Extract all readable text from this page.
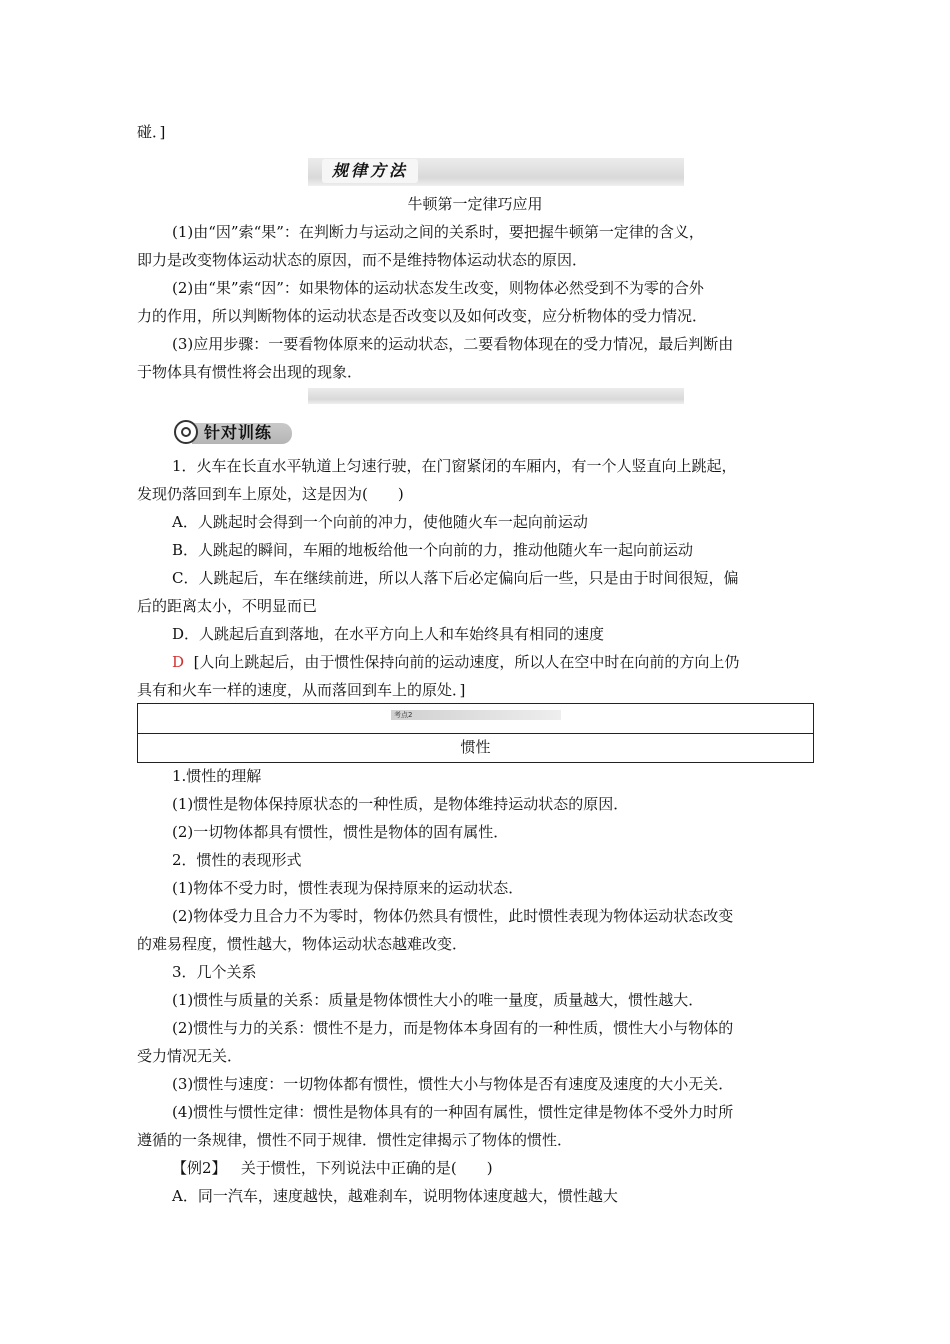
碰．]
规律方法
牛顿第一定律巧应用
(1)由“因”索“果”：在判断力与运动之间的关系时，要把握牛顿第一定律的含义，
即力是改变物体运动状态的原因，而不是维持物体运动状态的原因．
(2)由“果”索“因”：如果物体的运动状态发生改变，则物体必然受到不为零的合外
力的作用，所以判断物体的运动状态是否改变以及如何改变，应分析物体的受力情况．
(3)应用步骤：一要看物体原来的运动状态，二要看物体现在的受力情况，最后判断由
于物体具有惯性将会出现的现象．
针对训练
1．火车在长直水平轨道上匀速行驶，在门窗紧闭的车厢内，有一个人竖直向上跳起，
发现仍落回到车上原处，这是因为(　　)
A．人跳起时会得到一个向前的冲力，使他随火车一起向前运动
B．人跳起的瞬间，车厢的地板给他一个向前的力，推动他随火车一起向前运动
C．人跳起后，车在继续前进，所以人落下后必定偏向后一些，只是由于时间很短，偏
后的距离太小，不明显而已
D．人跳起后直到落地，在水平方向上人和车始终具有相同的速度
D [人向上跳起后，由于惯性保持向前的运动速度，所以人在空中时在向前的方向上仍
具有和火车一样的速度，从而落回到车上的原处．]
考点2
惯性
1.惯性的理解
(1)惯性是物体保持原状态的一种性质，是物体维持运动状态的原因．
(2)一切物体都具有惯性，惯性是物体的固有属性．
2．惯性的表现形式
(1)物体不受力时，惯性表现为保持原来的运动状态．
(2)物体受力且合力不为零时，物体仍然具有惯性，此时惯性表现为物体运动状态改变
的难易程度，惯性越大，物体运动状态越难改变．
3．几个关系
(1)惯性与质量的关系：质量是物体惯性大小的唯一量度，质量越大，惯性越大．
(2)惯性与力的关系：惯性不是力，而是物体本身固有的一种性质，惯性大小与物体的
受力情况无关．
(3)惯性与速度：一切物体都有惯性，惯性大小与物体是否有速度及速度的大小无关．
(4)惯性与惯性定律：惯性是物体具有的一种固有属性，惯性定律是物体不受外力时所
遵循的一条规律，惯性不同于规律．惯性定律揭示了物体的惯性．
【例2】 关于惯性，下列说法中正确的是(　　)
A．同一汽车，速度越快，越难刹车，说明物体速度越大，惯性越大
